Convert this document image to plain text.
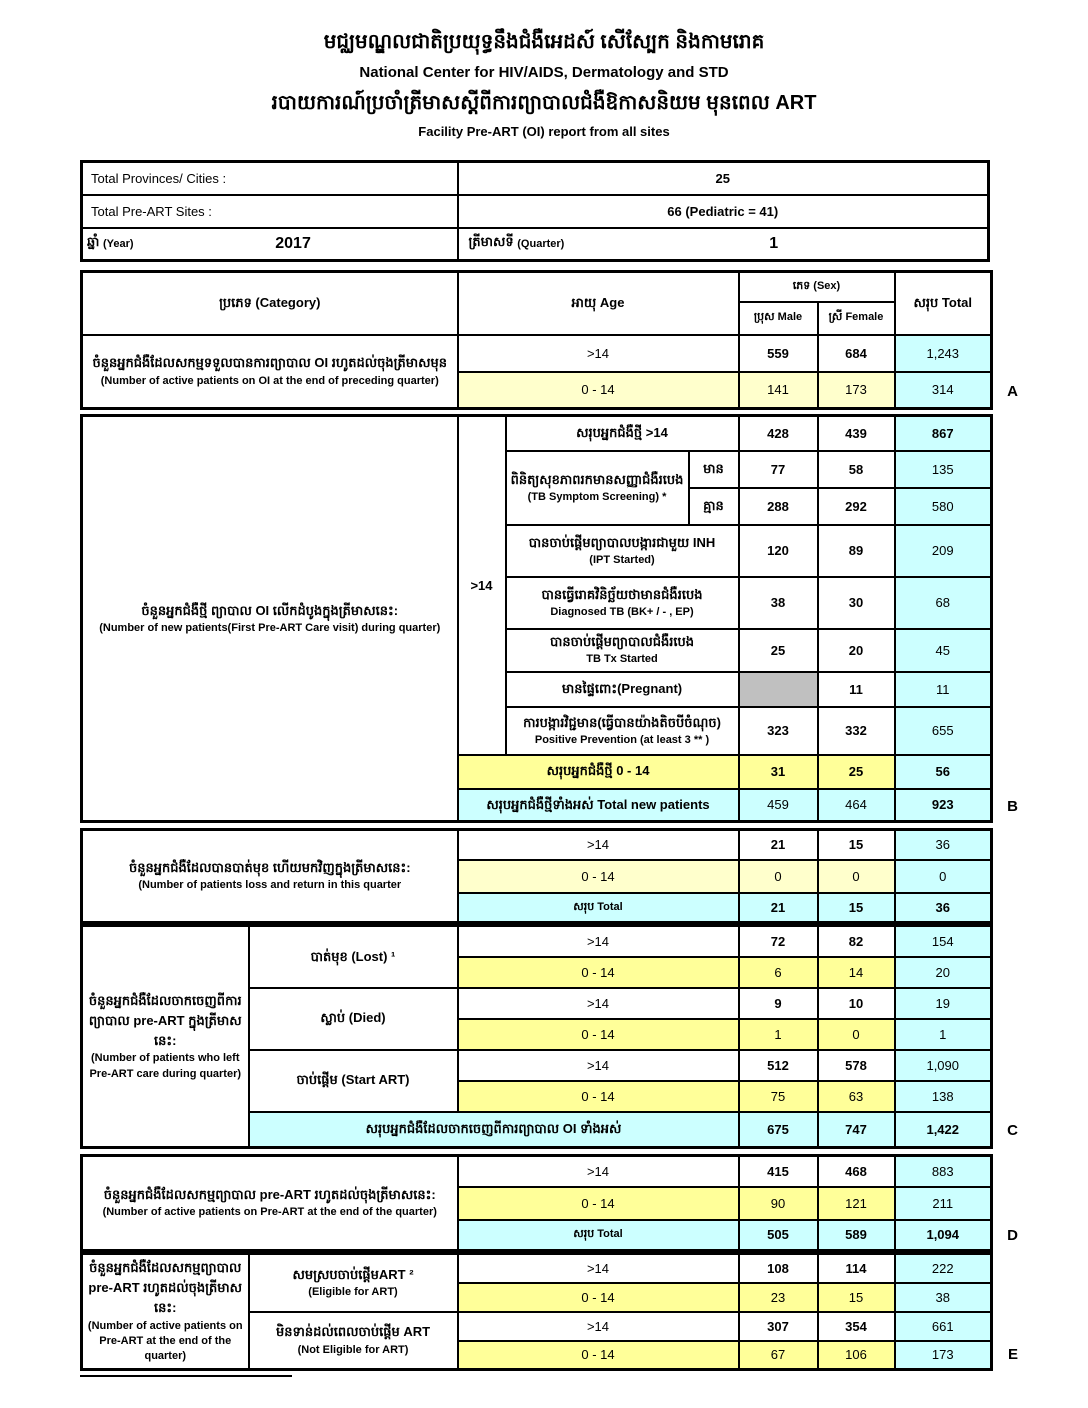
មជ្ឈមណ្ឌលជាតិប្រយុទ្ធនឹងជំងឺអេដស៍ សើស្បែក និងកាមរោគ
National Center for HIV/AIDS, Dermatology and STD
របាយការណ៍ប្រចាំត្រីមាសស្ដីពីការព្យាបាលជំងឺឱកាសនិយម មុនពេល ART
Facility Pre-ART (OI) report from all sites
Total Provinces/ Cities :	25
Total Pre-ART Sites :	66 (Pediatric = 41)

ឆ្នាំ
(Year) 2017	ត្រីមាសទី
(Quarter) 1
ប្រភេទ (Category)	អាយុ Age	ភេទ (Sex)		សរុប Total

		ប្រុស Male	ស្រី Female	

ចំនួនអ្នកជំងឺដែលសកម្មទទួលបានការព្យាបាល OI រហូតដល់ចុងត្រីមាសមុន
(Number of active patients on OI at the end of preceding quarter)	>14	559	684	1,243
	0 - 14	141	173	314	A
ចំនួនអ្នកជំងឺថ្មី ព្យាបាល OI លើកដំបូងក្នុងត្រីមាសនេះ:
(Number of new patients(First Pre-ART Care visit) during quarter)	>14	សរុបអ្នកជំងឺថ្មី >14		428	439	867

		ពិនិត្យសុខភាពរកមានសញ្ញាជំងឺរបេង
(TB Symptom Screening) *	មាន	77	58	135

			គ្មាន	288	292	580

		បានចាប់ផ្ដើមព្យាបាលបង្ការជាមួយ INH
(IPT Started)		120	89	209

		បានធ្វើរោគវិនិច្ឆ័យថាមានជំងឺរបេង
Diagnosed TB (BK+ / - , EP)		38	30	68

		បានចាប់ផ្ដើមព្យាបាលជំងឺរបេង
TB Tx Started		25	20	45

		មានផ្ទៃពោះ(Pregnant)			11	11

		ការបង្ការវិជ្ជមាន(ធ្វើបានយ៉ាងតិចបីចំណុច)
Positive Prevention (at least 3 ** )		323	332	655

	សរុបអ្នកជំងឺថ្មី 0 - 14			31	25	56

	សរុបអ្នកជំងឺថ្មីទាំងអស់ Total new patients			459	464	923	B
ចំនួនអ្នកជំងឺដែលបានបាត់មុខ ហើយមកវិញក្នុងត្រីមាសនេះ:
(Number of patients loss and return in this quarter	>14	21	15	36
	0 - 14	0	0	0

	សរុប Total	21	15	36
ចំនួនអ្នកជំងឺដែលចាកចេញពីការ ព្យាបាល pre-ART ក្នុងត្រីមាសនេះ:
(Number of patients who left Pre-ART care during quarter)	បាត់មុខ (Lost) ¹	>14	72	82	154
		0 - 14	6	14	20

	ស្លាប់ (Died)	>14	9	10	19
		0 - 14	1	0	1

	ចាប់ផ្ដើម (Start ART)	>14	512	578	1,090
		0 - 14	75	63	138

	សរុបអ្នកជំងឺដែលចាកចេញពីការព្យាបាល OI ទាំងអស់		675	747	1,422	C
ចំនួនអ្នកជំងឺដែលសកម្មព្យាបាល pre-ART រហូតដល់ចុងត្រីមាសនេះ:
(Number of active patients on Pre-ART at the end of the quarter)	>14	415	468	883
	0 - 14	90	121	211

	សរុប Total	505	589	1,094	D
ចំនួនអ្នកជំងឺដែលសកម្មព្យាបាល
pre-ART រហូតដល់ចុងត្រីមាសនេះ:
(Number of active patients on Pre-ART at the end of the quarter)	សមស្របចាប់ផ្ដើមART ²
(Eligible for ART)	>14	108	114	222
		0 - 14	23	15	38

	មិនទាន់ដល់ពេលចាប់ផ្ដើម ART
(Not Eligible for ART)	>14	307	354	661
		0 - 14	67	106	173	E
